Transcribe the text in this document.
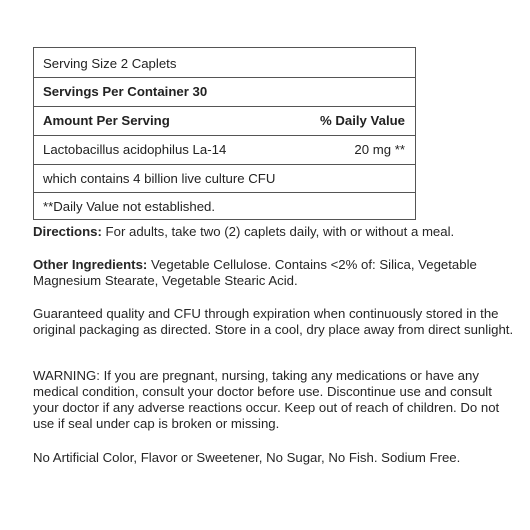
Serving Size 2 Caplets
Servings Per Container 30
Amount Per Serving	% Daily Value
Lactobacillus acidophilus La-14	20 mg **
which contains 4 billion live culture CFU
**Daily Value not established.

Directions: For adults, take two (2) caplets daily, with or without a meal.

Other Ingredients: Vegetable Cellulose. Contains <2% of: Silica, Vegetable Magnesium Stearate, Vegetable Stearic Acid.

Guaranteed quality and CFU through expiration when continuously stored in the original packaging as directed. Store in a cool, dry place away from direct sunlight.

WARNING: If you are pregnant, nursing, taking any medications or have any medical condition, consult your doctor before use. Discontinue use and consult your doctor if any adverse reactions occur. Keep out of reach of children. Do not use if seal under cap is broken or missing.

No Artificial Color, Flavor or Sweetener, No Sugar, No Fish. Sodium Free.
